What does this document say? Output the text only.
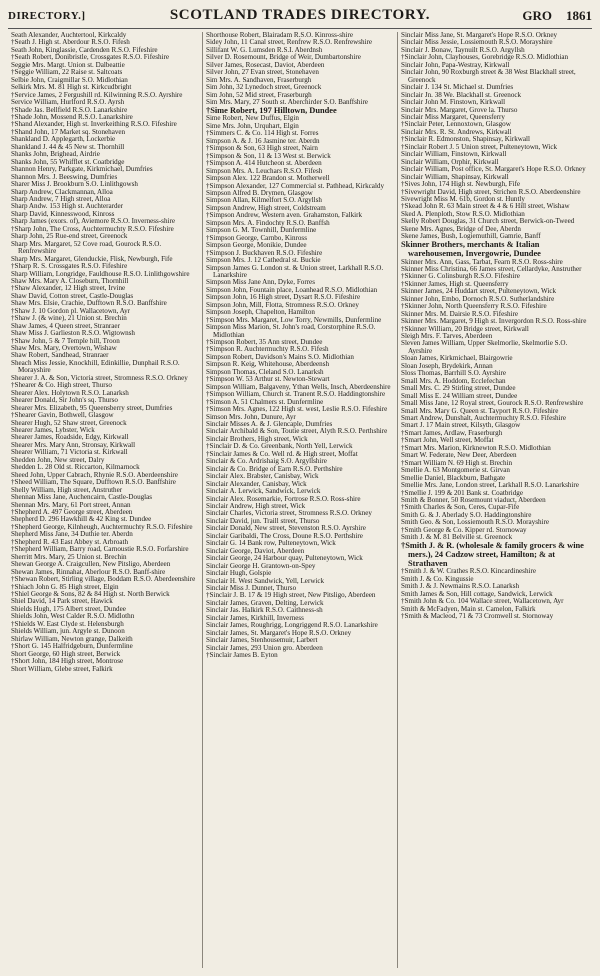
DIRECTORY.]	SCOTLAND TRADES DIRECTORY.	GRO 1861
Seath Alexander, Auchtertool, Kirkcaldy
†Seath J. High st. Aberdour R.S.O. Fifesh
Seath John, Kinglassie, Cardenden R.S.O. Fifeshire
†Seath Robert, Donibristle, Crossgates R.S.O. Fifeshire
Seggie Mrs. Margt. Union st. Dalbeattie
†Seggie William, 22 Raise st. Saltcoats
Selbie John, Craigmillar S.O. Midlothian
Selkirk Mrs. M. 81 High st. Kirkcudbright
†Service James, 2 Fergushill rd. Kilwinning R.S.O. Ayrshire
Service William, Hurlford R.S.O. Ayrsh
†Shade Jas. Bellfield R.S.O. Lanarkshire
†Shade John, Mossend R.S.O. Lanarkshire
†Shand Alexander, High st. Inverkeithing R.S.O. Fifeshire
†Shand John, 17 Market sq. Stonehaven
Shankland D. Applegarth, Lockerbie
Shankland J. 44 & 45 New st. Thornhill
Shanks John, Brighead, Airdrie
Shanks John, 55 Whifflet st. Coatbridge
Shannon Henry, Parkgate, Kirkmichael, Dumfries
Shannon Mrs. J. Beeswing, Dumfries
Sharer Miss J. Brookburn S.O. Linlithgowsh
Sharp Andrew, Clackmannan, Alloa
Sharp Andrew, 7 High street, Alloa
Sharp Andw. 153 High st. Auchterarder
Sharp David, Kinnesswood, Kinross
Sharp James (exors. of), Aviemore R.S.O. Inverness-shire
†Sharp John, The Cross, Auchtermuchty R.S.O. Fifeshire
Sharp John, 25 Rue-end street, Greenock
Sharp Mrs. Margaret, 52 Cove road, Gourock R.S.O. Renfrewshire
Sharp Mrs. Margaret, Glenduckie, Flisk, Newburgh, Fife
†Sharp R. S. Crossgates R.S.O. Fifeshire
Sharp William, Longridge, Fauldhouse R.S.O. Linlithgowshire
Shaw Mrs. Mary A. Closeburn, Thornhill
†Shaw Alexander, 12 High street, Irvine
Shaw David, Cotton street, Castle-Douglas
Shaw Mrs. Elsie, Crachie, Dufftown R.S.O. Banffshire
†Shaw J. 10 Gordon pl. Wallacetown, Ayr
†Shaw J. (& wine), 21 Union st. Brechin
Shaw James, 4 Queen street, Stranraer
Shaw Miss J. Garlieston R.S.O. Wigtownsh
†Shaw John, 5 & 7 Temple hill, Troon
Shaw Mrs. Mary, Overtown, Wishaw
Shaw Robert, Sandhead, Stranraer
Sheach Miss Jessie, Knockhill, Edinkillie, Dunphail R.S.O. Morayshire
Shearer J. A. & Son, Victoria street, Stromness R.S.O. Orkney
†Shearer & Co. High street, Thurso
Shearer Alex. Holytown R.S.O. Lanarksh
Shearer Donald, Sir John's sq. Thurso
Shearer Mrs. Elizabeth, 95 Queensberry street, Dumfries
†Shearer Gavin, Bothwell, Glasgow
Shearer Hugh, 52 Shaw street, Greenock
Shearer James, Lybster, Wick
Shearer James, Roadside, Edgy, Kirkwall
Shearer Mrs. Mary Ann, Stronsay, Kirkwall
Shearer William, 71 Victoria st. Kirkwall
Shedden John, New street, Dalry
Shedden L. 28 Old st. Riccarton, Kilmarnock
Sheed John, Upper Cabrach, Rhynie R.S.O. Aberdeenshire
†Sheed William, The Square, Dufftown R.S.O. Banffshire
Shelly William, High street, Anstruther
Shennan Miss Jane, Auchencairn, Castle-Douglas
Shennan Mrs. Mary, 61 Port street, Annan
†Shepherd A. 497 George street, Aberdeen
Shepherd D. 296 Hawkhill & 42 King st. Dundee
†Shepherd George, Kilnheugh, Auchtermuchty R.S.O. Fifeshire
Shepherd Miss Jane, 34 Duthie ter. Aberdn
†Shepherd R. 43 East Abbey st. Arbroath
†Shepherd William, Barry road, Carnoustie R.S.O. Forfarshire
Sherritt Mrs. Mary, 25 Union st. Brechin
Shewan George A. Craigcullen, New Pitsligo, Aberdeen
Shewan James, Rinnahat, Aberlour R.S.O. Banff-shire
†Shewan Robert, Stirling village, Boddam R.S.O. Aberdeenshire
†Shiach John G. 85 High street, Elgin
†Shiel George & Sons, 82 & 84 High st. North Berwick
Shiel David, 14 Park street, Hawick
Shields Hugh, 175 Albert street, Dundee
Shields John, West Calder R.S.O. Midlothn
†Shields W. East Clyde st. Helensburgh
Shields William, jun. Argyle st. Dunoon
Shirlaw William, Newton grange, Dalkeith
†Short G. 145 Halfridgeburn, Dunfermline
Short George, 60 High street, Berwick
†Short John, 184 High street, Montrose
Short William, Glebe street, Falkirk
Shorthouse Robert, Blairadam R.S.O. Kinross-shire
Sidey John, 11 Canal street, Renfrew R.S.O. Renfrewshire
Sillifant W. G. Lumsden R.S.I. Aberdnsh
Silver D. Rosemount, Bridge of Weir, Dumbartonshire
Silver James, Rosecast, Daviot, Aberdeen
Silver John, 27 Evan street, Stonehaven
Sim Mrs. A. Sandhaven, Fraserburgh
Sim John, 32 Lynedoch street, Greenock
Sim John, 52 Mid street, Fraserburgh
Sim Mrs. Mary, 27 South st. Aberchirder S.O. Banffshire
†Sime Robert, 197 Hilltown, Dundee
Sime Robert, New Duffus, Elgin
Sime Mrs. John, Urquhart, Elgin
†Simmers C. & Co. 114 High st. Forres
Simpson A. & J. 16 Jasmine ter. Aberdn
†Simpson & Son, 63 High street, Nairn
†Simpson & Son, 11 & 13 West st. Berwick
†Simpson A. 414 Hutcheon st. Aberdeen
Simpson Mrs. A. Leuchars R.S.O. Fifesh
Simpson Alex. 122 Brandon st. Motherwell
†Simpson Alexander, 127 Commercial st. Pathhead, Kirkcaldy
Simpson Alfred B. Drymen, Glasgow
Simpson Allan, Kilmelfort S.O. Argyllsh
Simpson Andrew, High street, Coldstream
†Simpson Andrew, Western aven. Grahamston, Falkirk
Simpson Mrs. A. Findochty R.S.O. Banffsh
Simpson G. M. Townhill, Dunfermline
†Simpson George, Carnbo, Kinross
Simpson George, Monikie, Dundee
†Simpson J. Buckhaven R.S.O. Fifeshire
Simpson Mrs. J. 12 Cathedral st. Buckie
Simpson James G. London st. & Union street, Larkhall R.S.O. Lanarkshire
Simpson Miss Jane Ann, Dyke, Forres
Simpson John, Fountain place, Loanhead R.S.O. Midlothian
Simpson John, 16 High street, Dysart R.S.O. Fifeshire
Simpson John, Mill, Flotta, Stromness R.S.O. Orkney
Simpson Joseph, Chapelton, Hamilton
†Simpson Mrs. Margaret, Low Torry, Newmills, Dunfermline
Simpson Miss Marion, St. John's road, Corstorphine R.S.O. Midlothian
†Simpson Robert, 35 Ann street, Dundee
†Simpson R. Auchtermuchty R.S.O. Fifesh
Simpson Robert, Davidson's Mains S.O. Midlothian
Simpson R. Keig, Whitehouse, Aberdeensh
Simpson Thomas, Cleland S.O. Lanarksh
†Simpson W. 53 Arthur st. Newton-Stewart
Simpson William, Balgaveny, Ythan Wells, Insch, Aberdeenshire
†Simpson William, Church st. Tranent R.S.O. Haddingtonshire
†Simson A. 51 Chalmers st. Dunfermline
†Simson Mrs. Agnes, 122 High st. west, Leslie R.S.O. Fifeshire
Simson Mrs. John, Dunure, Ayr
Sinclair Misses A. & J. Glencaple, Dumfries
Sinclair Archibald & Son, Toutie street, Alyth R.S.O. Perthshire
Sinclair Brothers, High street, Wick
†Sinclair D. & Co. Greenbank, North Yell, Lerwick
†Sinclair James & Co. Well rd. & High street, Moffat
Sinclair & Co. Ardrishaig S.O. Argyllshire
Sinclair & Co. Bridge of Earn R.S.O. Perthshire
Sinclair Alex. Brabster, Canisbay, Wick
Sinclair Alexander, Canisbay, Wick
Sinclair A. Lerwick, Sandwick, Lerwick
Sinclair Alex. Rosemarkie, Fortrose R.S.O. Ross-shire
Sinclair Andrew, High street, Wick
Sinclair Charles, Victoria street, Stromness R.S.O. Orkney
Sinclair David, jun. Traill street, Thurso
Sinclair Donald, New street, Stevenston R.S.O. Ayrshire
Sinclair Garibaldi, The Cross, Doune R.S.O. Perthshire
Sinclair G. 14 Bank row, Pulteneytown, Wick
Sinclair George, Daviot, Aberdeen
Sinclair George, 24 Harbour quay, Pulteneytown, Wick
Sinclair George H. Grantown-on-Spey
Sinclair Hugh, Golspie
Sinclair H. West Sandwick, Yell, Lerwick
Sinclair Miss J. Dunnet, Thurso
†Sinclair J. B. 17 & 19 High street, New Pitsligo, Aberdeen
Sinclair James, Graven, Delting, Lerwick
Sinclair Jas. Halkirk R.S.O. Caithness-sh
Sinclair James, Kirkhill, Inverness
Sinclair James, Roughrigg, Longriggend R.S.O. Lanarkshire
Sinclair James, St. Margaret's Hope R.S.O. Orkney
Sinclair James, Stenhousemuir, Larbert
Sinclair James, 293 Union gro. Aberdeen
†Sinclair James B. Eyton
Sinclair Miss Jane, St. Margaret's Hope R.S.O. Orkney
Sinclair Miss Jessie, Lossiemouth R.S.O. Morayshire
Sinclair J. Bonaw, Taynuilt R.S.O. Argyllsh
†Sinclair John, Clayhouses, Gorebridge R.S.O. Midlothian
Sinclair John, Papa-Westray, Kirkwall
Sinclair John, 90 Roxburgh street & 38 West Blackhall street, Greenock
Sinclair J. 134 St. Michael st. Dumfries
Sinclair Jn. 38 We. Blackhall st. Greenock
Sinclair John M. Finstown, Kirkwall
Sinclair Mrs. Margaret, Grove la. Thurso
Sinclair Miss Margaret, Queensferry
†Sinclair Peter, Lennoxtown, Glasgow
Sinclair Mrs. R. St. Andrews, Kirkwall
†Sinclair R. Edmonston, Shapinsay, Kirkwall
†Sinclair Robert J. 5 Union street, Pulteneytown, Wick
Sinclair William, Finstown, Kirkwall
Sinclair William, Orphir, Kirkwall
Sinclair William, Post office, St. Margaret's Hope R.S.O. Orkney
Sinclair William, Shapinsay, Kirkwall
†Sives John, 174 High st. Newburgh, Fife
†Sivewright David, High street, Strichen R.S.O. Aberdeenshire
Sivewright Miss M. 61b, Gordon st. Huntly
†Skead John R. 63 Main street & 4 & 6 Hill street, Wishaw
Sked A. Plenploth, Stow R.S.O. Midlothian
Skelly Robert Douglas, 31 Church street, Berwick-on-Tweed
Skene Mrs. Agnes, Bridge of Dee, Aberdn
Skene James, Bush, Logiemuthill, Gamrie, Banff
Skinner Brothers, merchants & Italian warehousemen, Invergowrie, Dundee
Skinner Mrs. Ann, Gass, Tarbat, Fearn R.S.O. Ross-shire
Skinner Miss Christina, 66 James street, Cellardyke, Anstruther
†Skinner G. Colinsburgh R.S.O. Fifeshire
†Skinner James, High st. Queensferry
Skinner James, 24 Huddart street, Pulteneytown, Wick
Skinner John, Embo, Dornoch R.S.O. Sutherlandshire
†Skinner John, North Queensferry R.S.O. Fifeshire
Skinner Mrs. M. Dairsie R.S.O. Fifeshire
Skinner Mrs. Margaret, 9 High st. Invergordon R.S.O. Ross-shire
†Skinner William, 20 Bridge street, Kirkwall
Sleigh Mrs. F. Tarves, Aberdeen
Sleven James William, Upper Skelmorlie, Skelmorlie S.O. Ayrshire
Sloan James, Kirkmichael, Blairgowrie
Sloan Joseph, Brydekirk, Annan
Sloss Thomas, Barrhill S.O. Ayrshire
Small Mrs. A. Hoddom, Ecclefechan
Small Mrs. C. 29 Stirling street, Dundee
Small Miss E. 24 William street, Dundee
Small Miss Jane, 12 Royal street, Gourock R.S.O. Renfrewshire
Small Mrs. Mary G. Queen st. Tayport R.S.O. Fifeshire
Smart Andrew, Dunshalt, Auchtermuchty R.S.O. Fifeshire
Smart J. 17 Main street, Kilsyth, Glasgow
†Smart James, Ardlaw, Fraserburgh
†Smart John, Well street, Moffat
†Smart Mrs. Marion, Kirknewton R.S.O. Midlothian
Smart W. Federate, New Deer, Aberdeen
†Smart William N. 69 High st. Brechin
Smellie A. 63 Montgomerie st. Girvan
Smellie Daniel, Blackburn, Bathgate
Smellie Mrs. Jane, London street, Larkhall R.S.O. Lanarkshire
†Smellie J. 199 & 201 Bank st. Coatbridge
Smith & Bonner, 50 Rosemount viaduct, Aberdeen
†Smith Charles & Son, Ceres, Cupar-Fife
Smith G. & J. Aberlady S.O. Haddingtonshire
Smith Geo. & Son, Lossiemouth R.S.O. Morayshire
†Smith George & Co. Kipper rd. Stornoway
Smith J. & M. 81 Belville st. Greenock
†Smith J. & R. (wholesale & family grocers & wine mers.), 24 Cadzow street, Hamilton; & at Strathaven
†Smith J. & W. Crathes R.S.O. Kincardineshire
Smith J. & Co. Kingussie
Smith J. & J. Newmains R.S.O. Lanarksh
Smith James & Son, Hill cottage, Sandwick, Lerwick
†Smith John & Co. 104 Wallace street, Wallacetown, Ayr
Smith & McFadyen, Main st. Camelon, Falkirk
†Smith & Macleod, 71 & 73 Cromwell st. Stornoway
